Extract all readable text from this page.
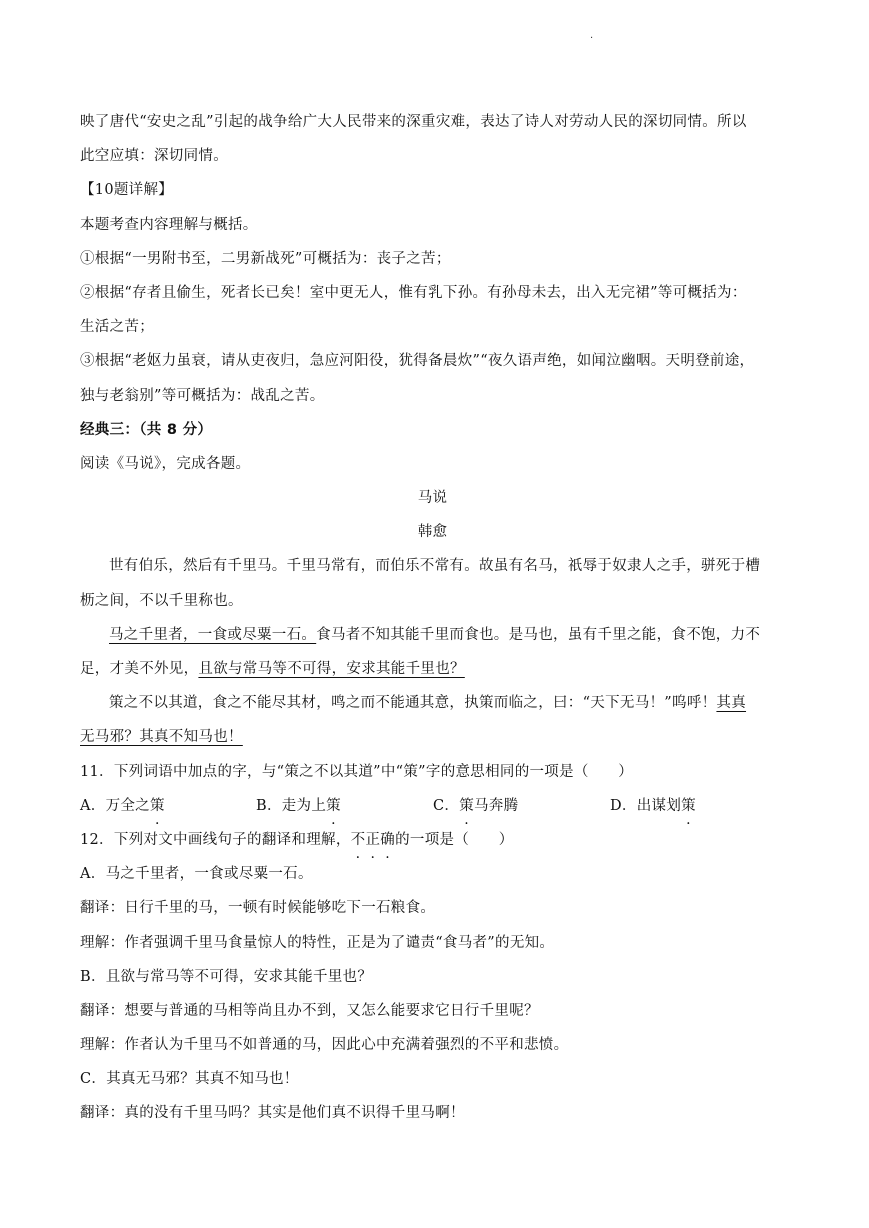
.
映了唐代“安史之乱”引起的战争给广大人民带来的深重灾难，表达了诗人对劳动人民的深切同情。所以
此空应填：深切同情。
【10题详解】
本题考查内容理解与概括。
①根据“一男附书至，二男新战死”可概括为：丧子之苦；
②根据“存者且偷生，死者长已矣！室中更无人，惟有乳下孙。有孙母未去，出入无完裙”等可概括为：
生活之苦；
③根据“老妪力虽衰，请从吏夜归，急应河阳役，犹得备晨炊”“夜久语声绝，如闻泣幽咽。天明登前途，
独与老翁别”等可概括为：战乱之苦。
经典三：（共 8 分）
阅读《马说》，完成各题。
马说
韩愈
世有伯乐，然后有千里马。千里马常有，而伯乐不常有。故虽有名马，祇辱于奴隶人之手，骈死于槽
枥之间，不以千里称也。
马之千里者，一食或尽粟一石。食马者不知其能千里而食也。是马也，虽有千里之能，食不饱，力不
足，才美不外见，且欲与常马等不可得，安求其能千里也？
策之不以其道，食之不能尽其材，鸣之而不能通其意，执策而临之，曰：“天下无马！”呜呼！其真
无马邪？其真不知马也！
11．下列词语中加点的字，与“策之不以其道”中“策”字的意思相同的一项是（　　）
A．万全之策	B．走为上策	C．策马奔腾	D．出谋划策
12．下列对文中画线句子的翻译和理解，不正确的一项是（　　）
A．马之千里者，一食或尽粟一石。
翻译：日行千里的马，一顿有时候能够吃下一石粮食。
理解：作者强调千里马食量惊人的特性，正是为了谴责“食马者”的无知。
B．且欲与常马等不可得，安求其能千里也？
翻译：想要与普通的马相等尚且办不到，又怎么能要求它日行千里呢？
理解：作者认为千里马不如普通的马，因此心中充满着强烈的不平和悲愤。
C．其真无马邪？其真不知马也！
翻译：真的没有千里马吗？其实是他们真不识得千里马啊！
